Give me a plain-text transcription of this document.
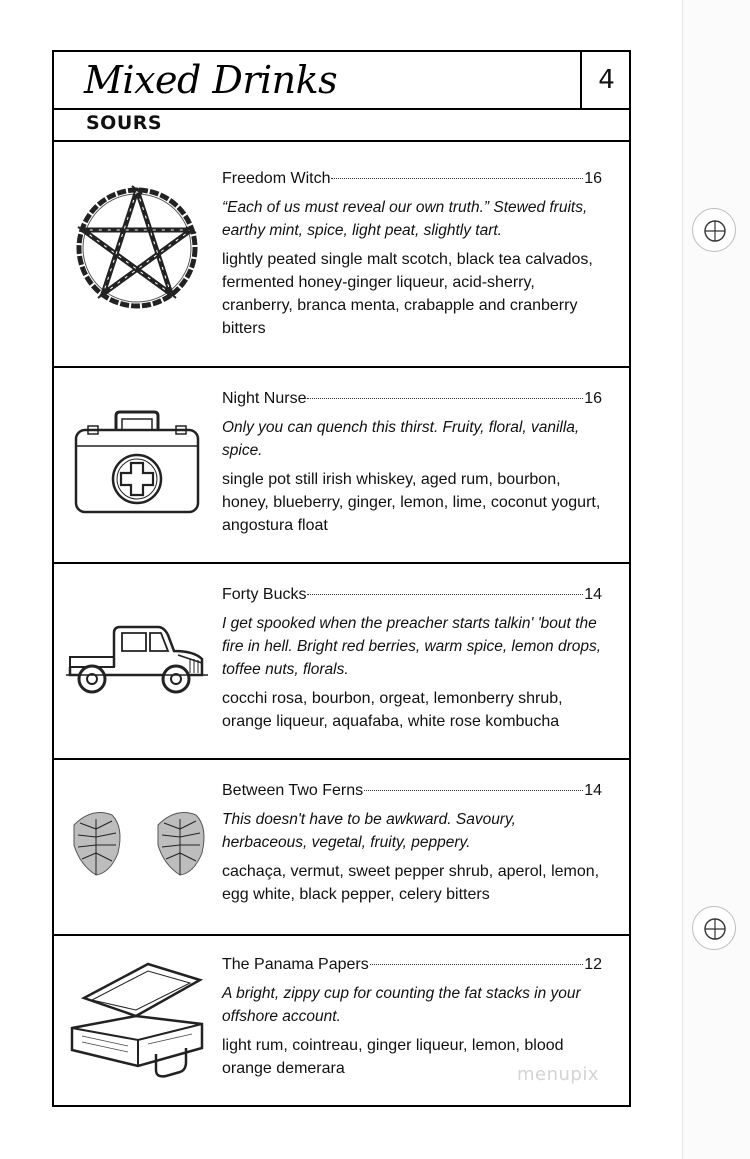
Mixed Drinks	4
SOURS
Freedom Witch	16
“Each of us must reveal our own truth.” Stewed fruits, earthy mint, spice, light peat, slightly tart.
lightly peated single malt scotch, black tea calvados, fermented honey-ginger liqueur, acid-sherry, cranberry, branca menta, crabapple and cranberry bitters
Night Nurse	16
Only you can quench this thirst. Fruity, floral, vanilla, spice.
single pot still irish whiskey, aged rum, bourbon, honey, blueberry, ginger, lemon, lime, coconut yogurt, angostura float
Forty Bucks	14
I get spooked when the preacher starts talkin' 'bout the fire in hell. Bright red berries, warm spice, lemon drops, toffee nuts, florals.
cocchi rosa, bourbon, orgeat, lemonberry shrub, orange liqueur, aquafaba, white rose kombucha
Between Two Ferns	14
This doesn't have to be awkward. Savoury, herbaceous, vegetal, fruity, peppery.
cachaça, vermut, sweet pepper shrub, aperol, lemon, egg white, black pepper, celery bitters
The Panama Papers	12
A bright, zippy cup for counting the fat stacks in your offshore account.
light rum, cointreau, ginger liqueur, lemon, blood orange demerara	menupix
